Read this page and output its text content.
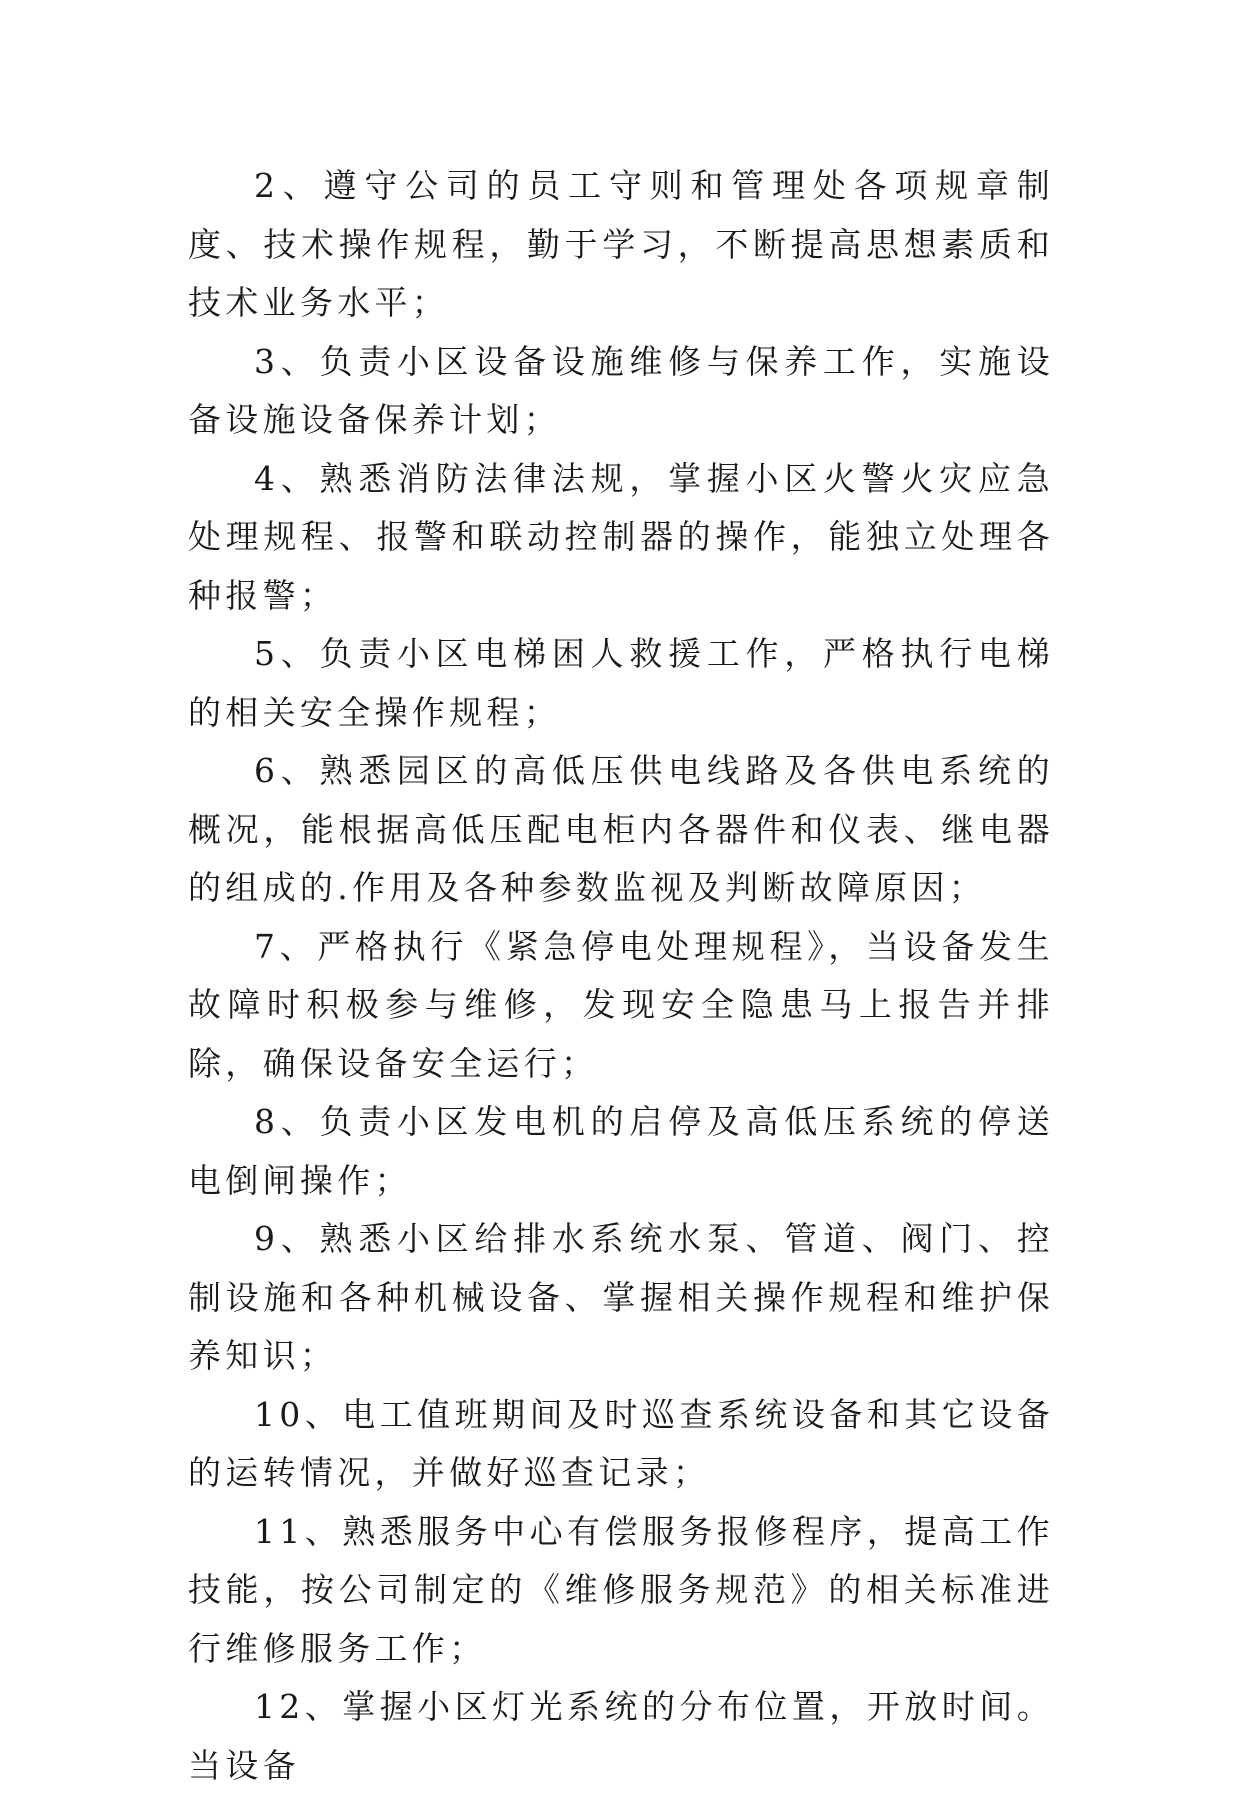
2、遵守公司的员工守则和管理处各项规章制度、技术操作规程，勤于学习，不断提高思想素质和技术业务水平；

3、负责小区设备设施维修与保养工作，实施设备设施设备保养计划；

4、熟悉消防法律法规，掌握小区火警火灾应急处理规程、报警和联动控制器的操作，能独立处理各种报警；

5、负责小区电梯困人救援工作，严格执行电梯的相关安全操作规程；

6、熟悉园区的高低压供电线路及各供电系统的概况，能根据高低压配电柜内各器件和仪表、继电器的组成的.作用及各种参数监视及判断故障原因；

7、严格执行《紧急停电处理规程》，当设备发生故障时积极参与维修，发现安全隐患马上报告并排除，确保设备安全运行；

8、负责小区发电机的启停及高低压系统的停送电倒闸操作；

9、熟悉小区给排水系统水泵、管道、阀门、控制设施和各种机械设备、掌握相关操作规程和维护保养知识；

10、电工值班期间及时巡查系统设备和其它设备的运转情况，并做好巡查记录；

11、熟悉服务中心有偿服务报修程序，提高工作技能，按公司制定的《维修服务规范》的相关标准进行维修服务工作；

12、掌握小区灯光系统的分布位置，开放时间。当设备
